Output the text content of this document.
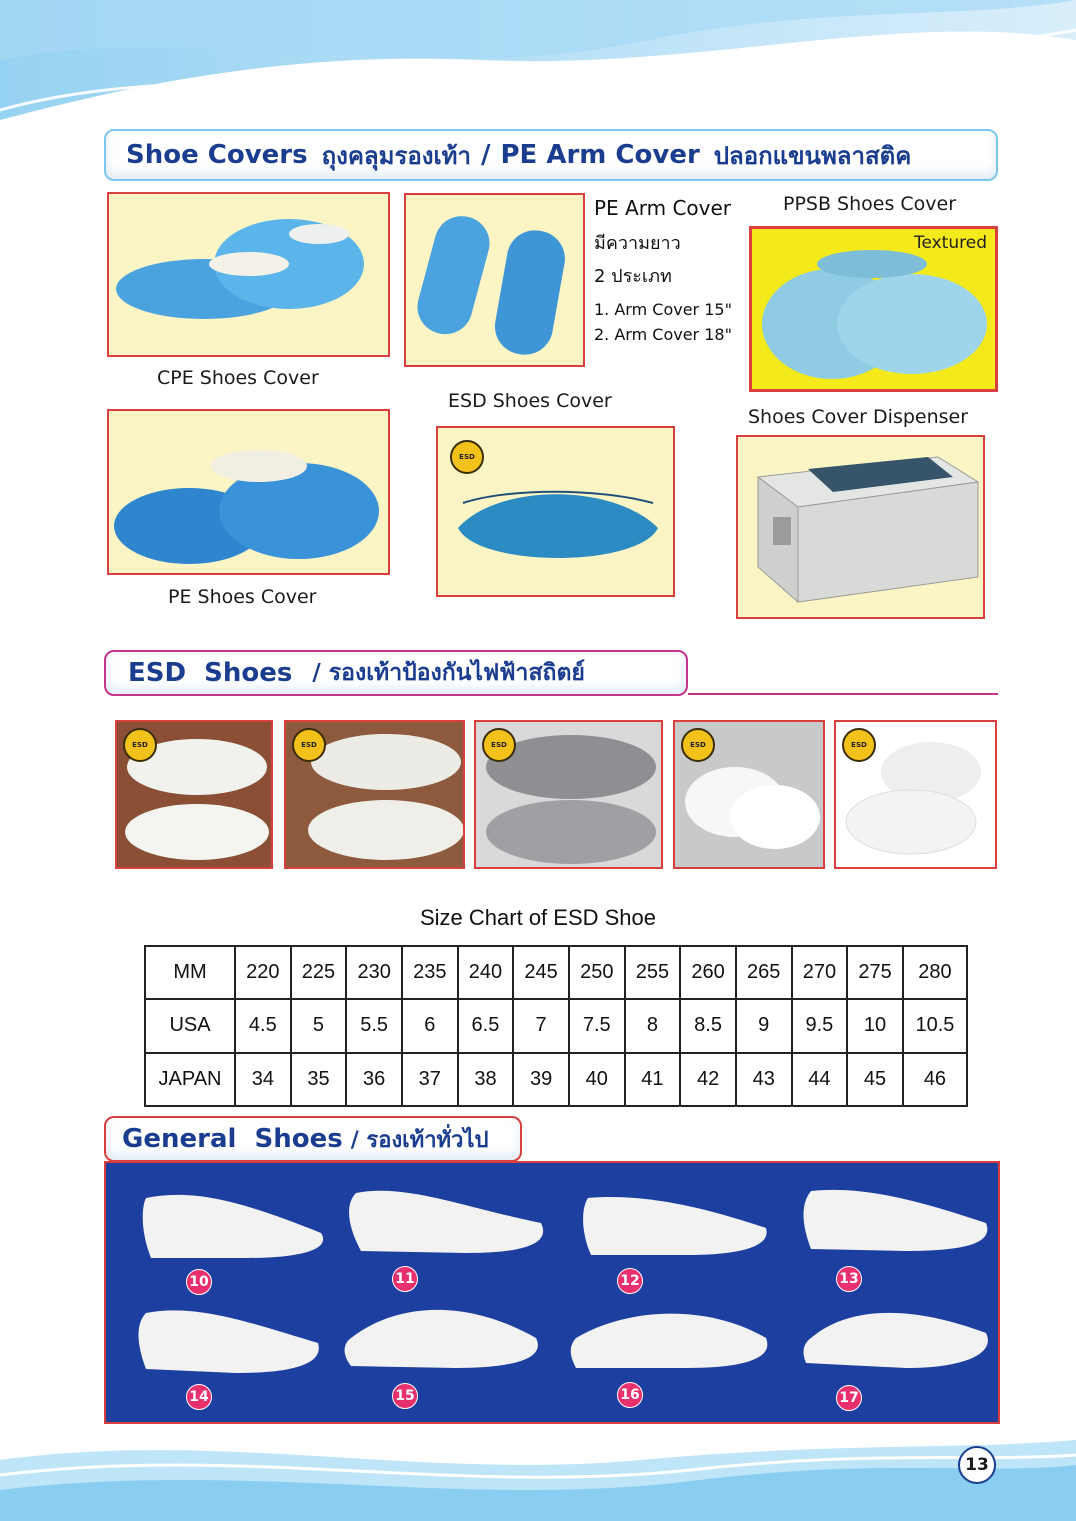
Shoe Covers ถุงคลุมรองเท้า / PE Arm Cover ปลอกแขนพลาสติค
CPE Shoes Cover
PE Arm Cover
มีความยาว
2 ประเภท
1. Arm Cover 15"
2. Arm Cover 18"
PPSB Shoes Cover
Textured
PE Shoes Cover
ESD Shoes Cover
ESD
Shoes Cover Dispenser
ESD  Shoes / รองเท้าป้องกันไฟฟ้าสถิตย์
ESD	ESD	ESD	ESD	ESD
Size Chart of ESD Shoe
MM	220	225	230	235	240	245	250	255	260	265	270	275	280
USA	4.5	5	5.5	6	6.5	7	7.5	8	8.5	9	9.5	10	10.5
JAPAN	34	35	36	37	38	39	40	41	42	43	44	45	46
General  Shoes / รองเท้าทั่วไป
10	11	12	13
14	15	16	17
13
